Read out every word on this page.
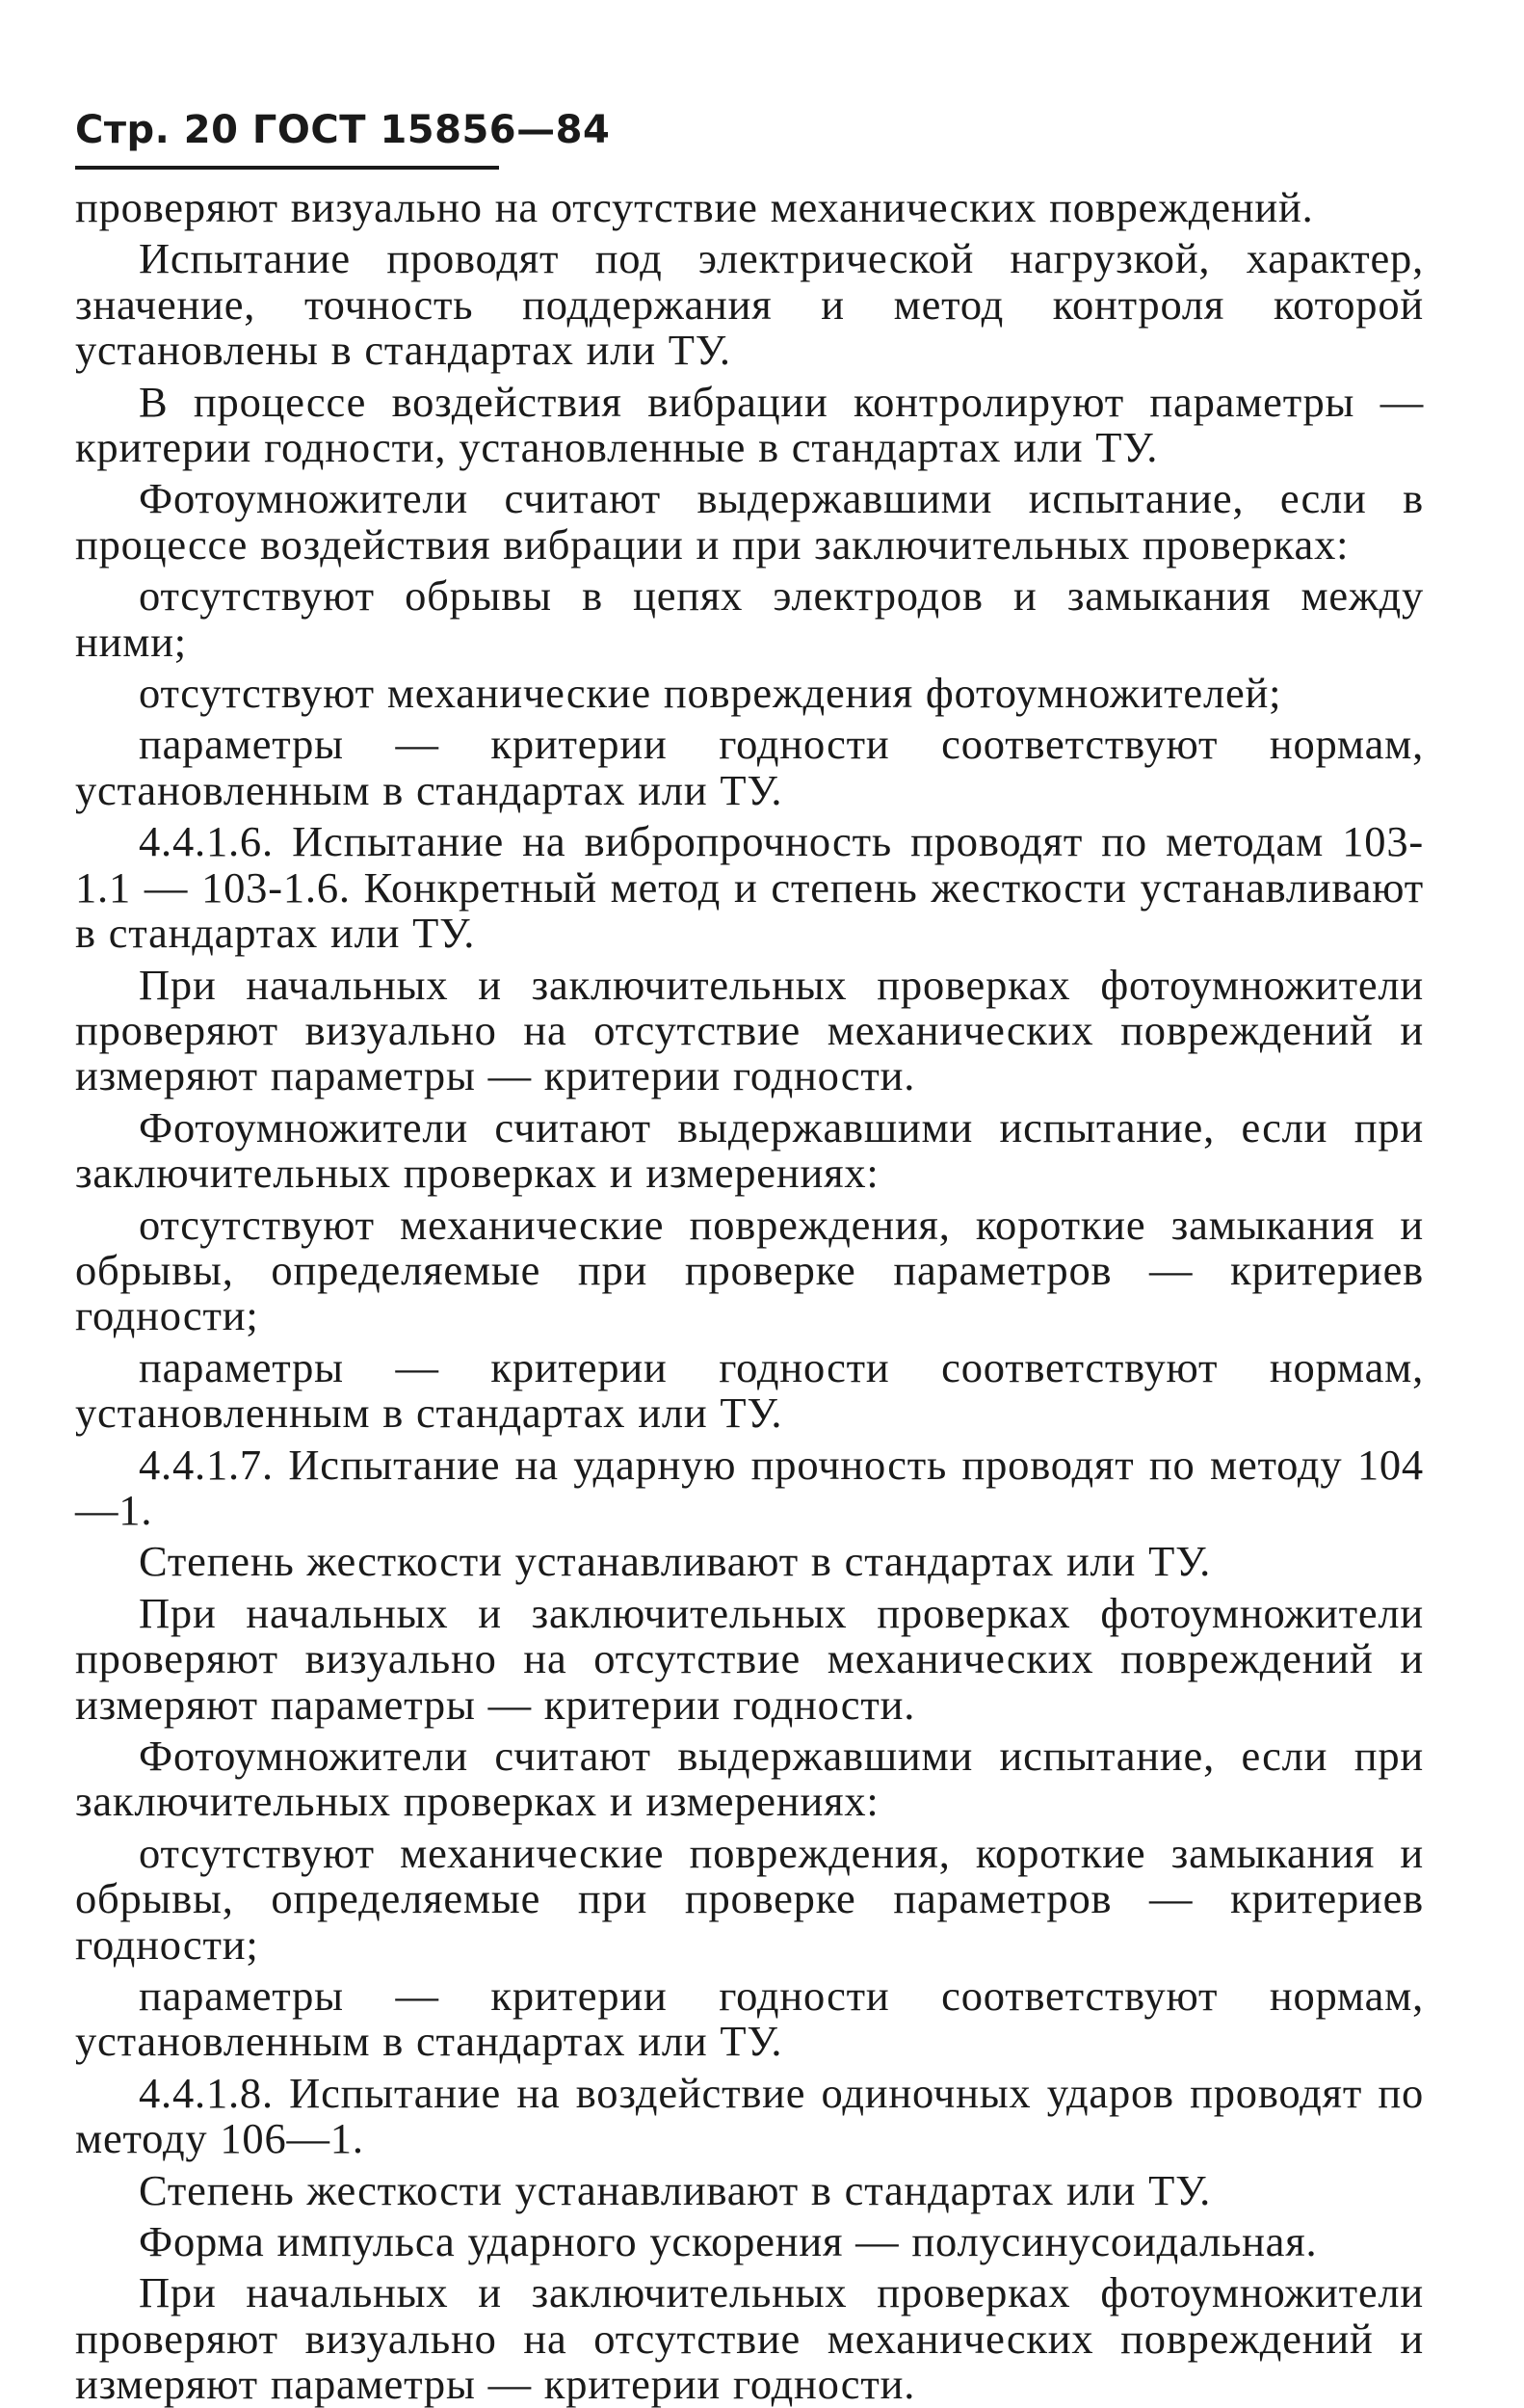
Стр. 20 ГОСТ 15856—84

проверяют визуально на отсутствие механических повреждений.

Испытание проводят под электрической нагрузкой, характер, значение, точность поддержания и метод контроля которой установлены в стандартах или ТУ.

В процессе воздействия вибрации контролируют параметры — критерии годности, установленные в стандартах или ТУ.

Фотоумножители считают выдержавшими испытание, если в процессе воздействия вибрации и при заключительных проверках:

отсутствуют обрывы в цепях электродов и замыкания между ними;

отсутствуют механические повреждения фотоумножителей;

параметры — критерии годности соответствуют нормам, установленным в стандартах или ТУ.

4.4.1.6. Испытание на вибропрочность проводят по методам 103-1.1 — 103-1.6. Конкретный метод и степень жесткости устанавливают в стандартах или ТУ.

При начальных и заключительных проверках фотоумножители проверяют визуально на отсутствие механических повреждений и измеряют параметры — критерии годности.

Фотоумножители считают выдержавшими испытание, если при заключительных проверках и измерениях:

отсутствуют механические повреждения, короткие замыкания и обрывы, определяемые при проверке параметров — критериев годности;

параметры — критерии годности соответствуют нормам, установленным в стандартах или ТУ.

4.4.1.7. Испытание на ударную прочность проводят по методу 104—1.

Степень жесткости устанавливают в стандартах или ТУ.

При начальных и заключительных проверках фотоумножители проверяют визуально на отсутствие механических повреждений и измеряют параметры — критерии годности.

Фотоумножители считают выдержавшими испытание, если при заключительных проверках и измерениях:

отсутствуют механические повреждения, короткие замыкания и обрывы, определяемые при проверке параметров — критериев годности;

параметры — критерии годности соответствуют нормам, установленным в стандартах или ТУ.

4.4.1.8. Испытание на воздействие одиночных ударов проводят по методу 106—1.

Степень жесткости устанавливают в стандартах или ТУ.

Форма импульса ударного ускорения — полусинусоидальная.

При начальных и заключительных проверках фотоумножители проверяют визуально на отсутствие механических повреждений и измеряют параметры — критерии годности.
